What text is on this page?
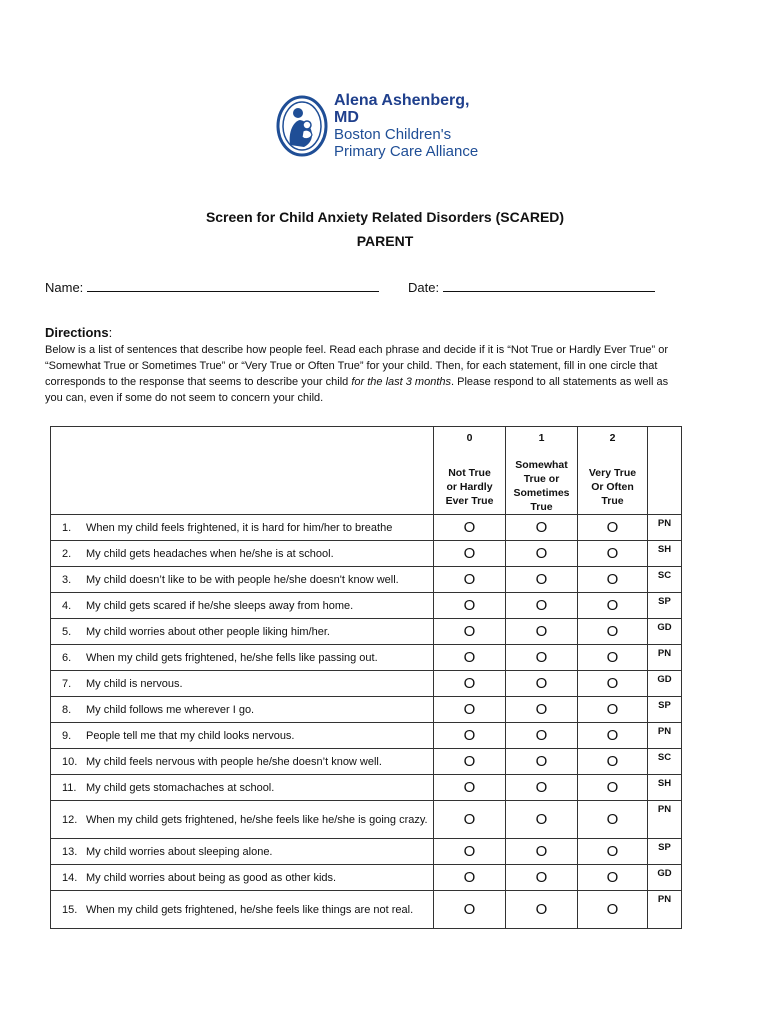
Alena Ashenberg, MD
Boston Children's
Primary Care Alliance
Screen for Child Anxiety Related Disorders (SCARED)
PARENT
Name:	Date:
Directions:
Below is a list of sentences that describe how people feel. Read each phrase and decide if it is “Not True or Hardly Ever True” or “Somewhat True or Sometimes True” or “Very True or Often True” for your child. Then, for each statement, fill in one circle that corresponds to the response that seems to describe your child for the last 3 months. Please respond to all statements as well as you can, even if some do not seem to concern your child.

	0
Not True
or Hardly
Ever True	1
Somewhat
True or
Sometimes
True	2
Very True
Or Often
True	

1. When my child feels frightened, it is hard for him/her to breathe	O	O	O	PN

2. My child gets headaches when he/she is at school.	O	O	O	SH

3. My child doesn’t like to be with people he/she doesn't know well.	O	O	O	SC

4. My child gets scared if he/she sleeps away from home.	O	O	O	SP

5. My child worries about other people liking him/her.	O	O	O	GD

6. When my child gets frightened, he/she fells like passing out.	O	O	O	PN

7. My child is nervous.	O	O	O	GD

8. My child follows me wherever I go.	O	O	O	SP

9. People tell me that my child looks nervous.	O	O	O	PN

10. My child feels nervous with people he/she doesn’t know well.	O	O	O	SC

11. My child gets stomachaches at school.	O	O	O	SH

12. When my child gets frightened, he/she feels like he/she is going crazy.	O	O	O	PN

13. My child worries about sleeping alone.	O	O	O	SP

14. My child worries about being as good as other kids.	O	O	O	GD

15. When my child gets frightened, he/she feels like things are not real.	O	O	O	PN
